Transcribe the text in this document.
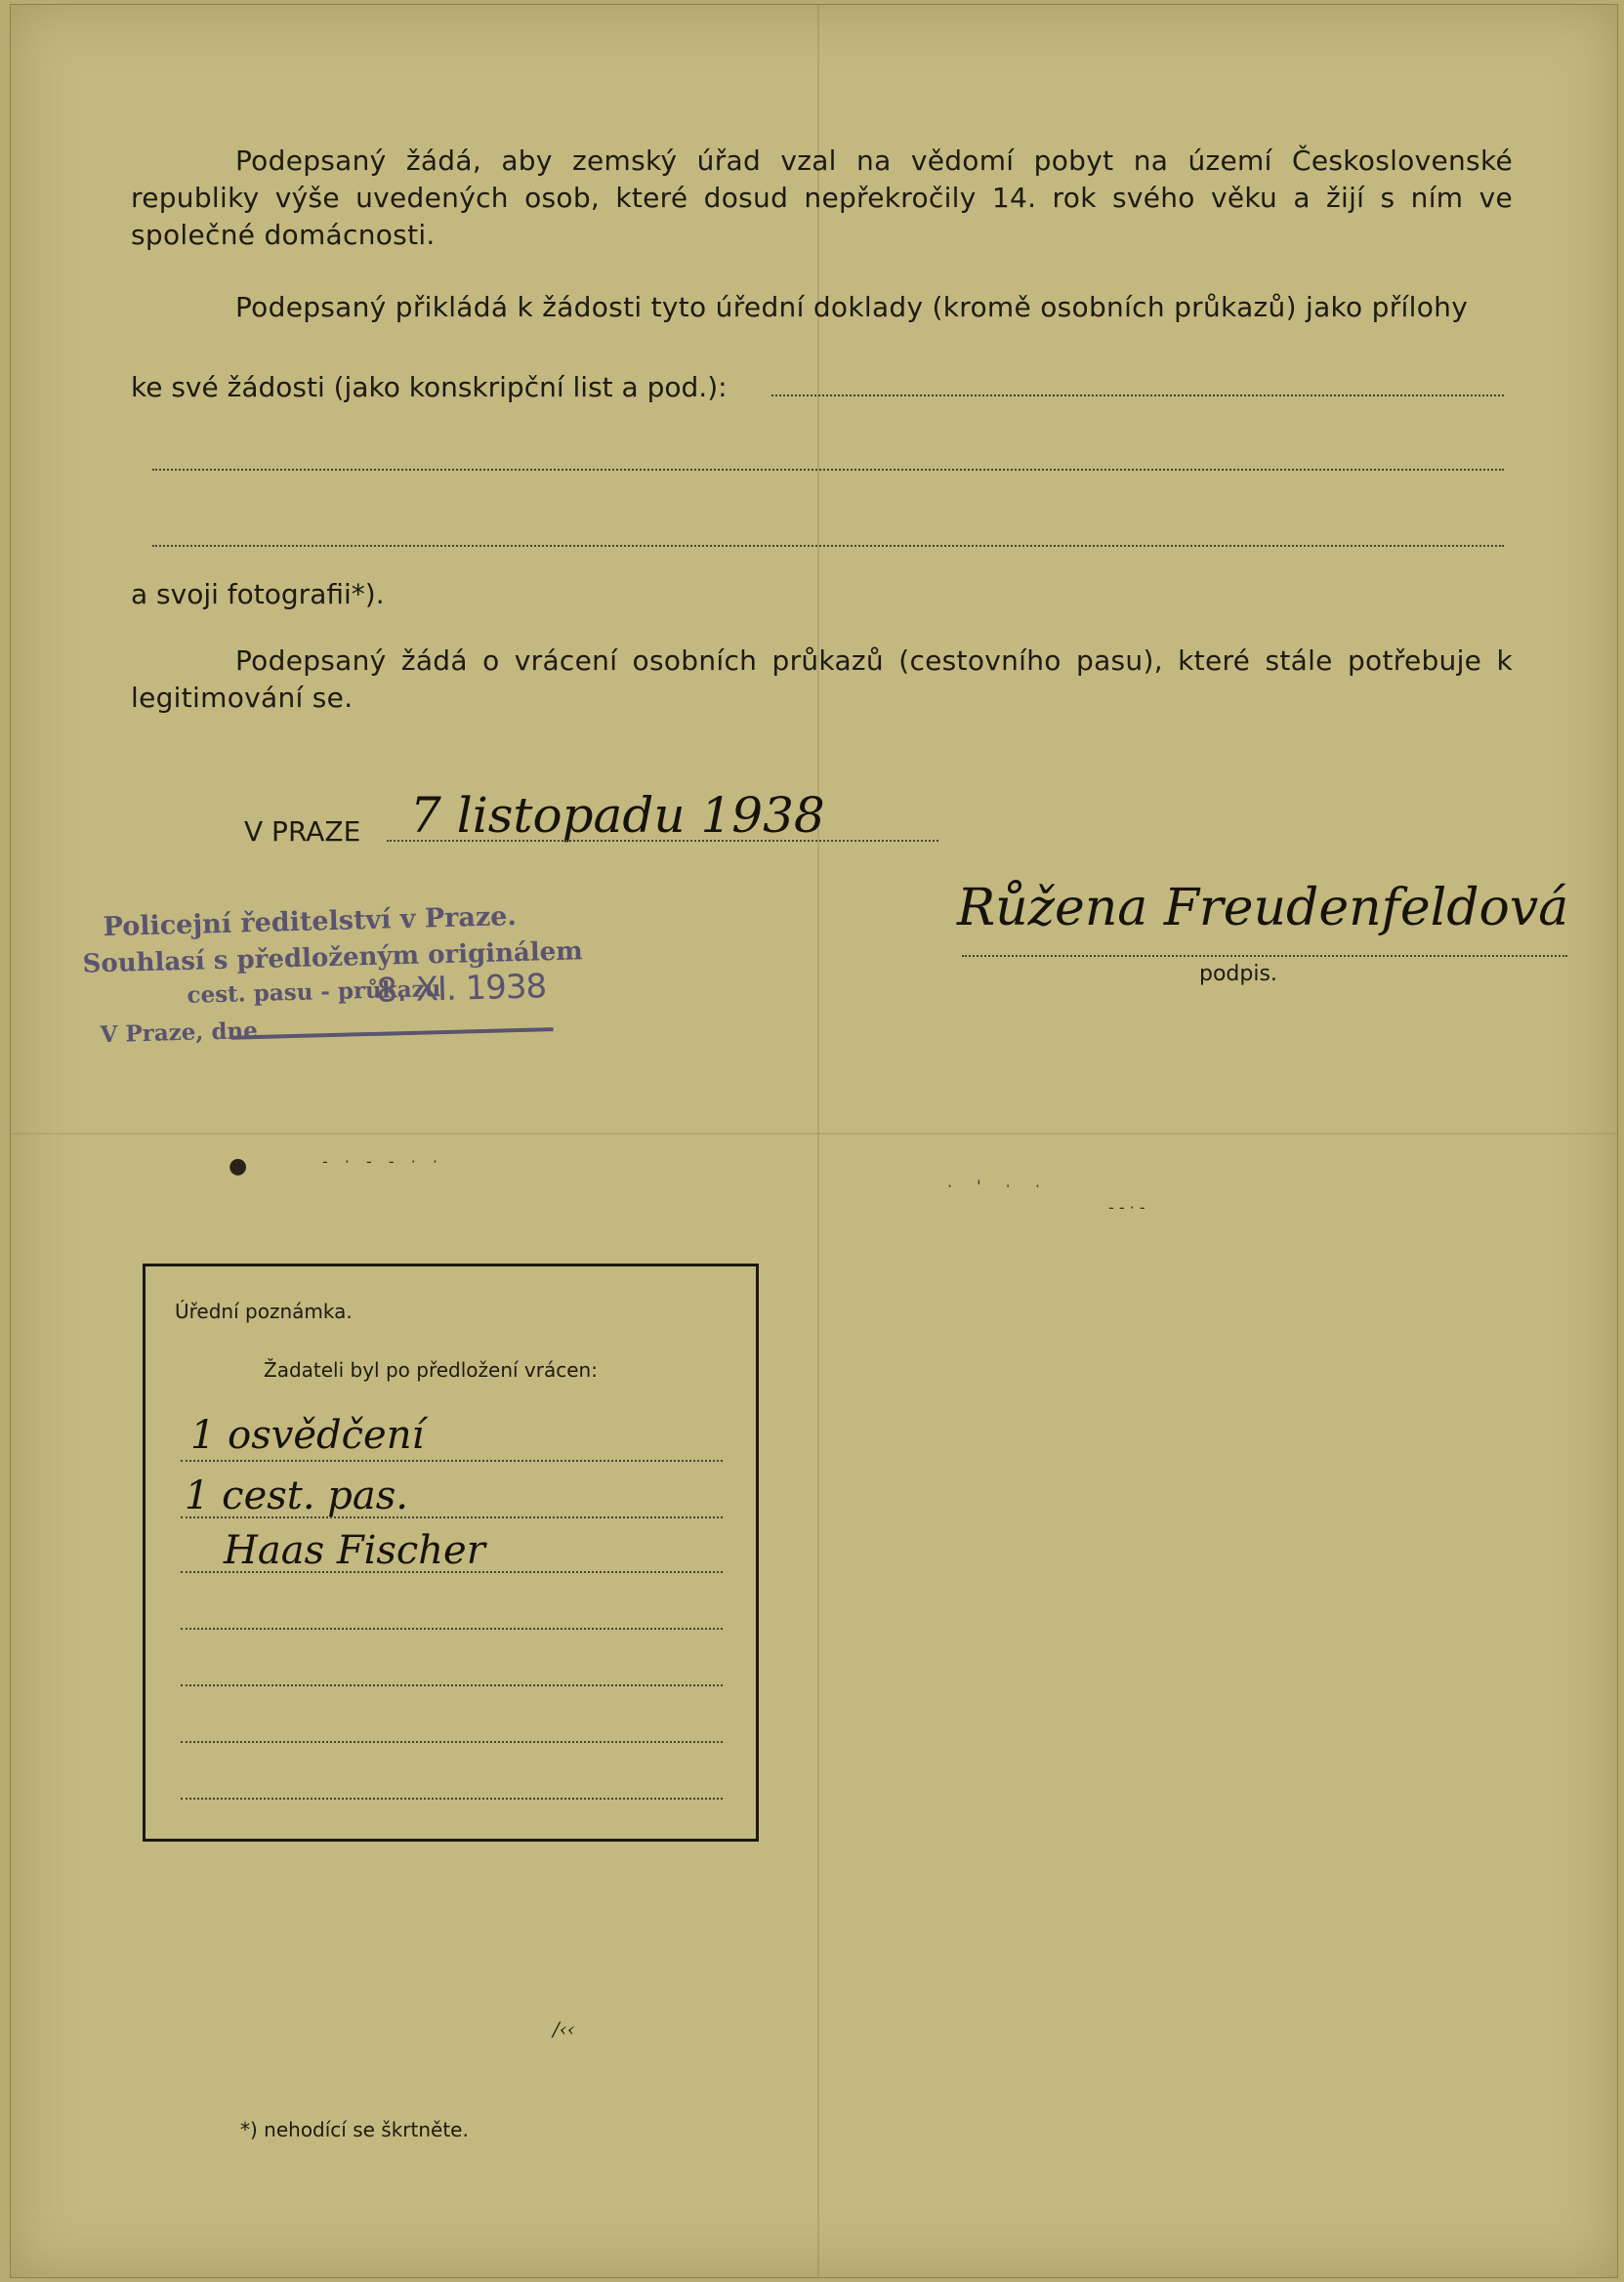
Podepsaný žádá, aby zemský úřad vzal na vědomí pobyt na území Československé republiky výše uvedených osob, které dosud nepřekročily 14. rok svého věku a žijí s ním ve společné domácnosti.
Podepsaný přikládá k žádosti tyto úřední doklady (kromě osobních průkazů) jako přílohy
ke své žádosti (jako konskripční list a pod.):
a svoji fotografii*).
Podepsaný žádá o vrácení osobních průkazů (cestovního pasu), které stále potřebuje k legitimování se.
V PRAZE 7 listopadu 1938
Růžena Freudenfeldová
podpis.
Policejní ředitelství v Praze.
Souhlasí s předloženým originálem
cest. pasu - průkazu
8. XI. 1938
V Praze, dne
●	- · - - · ·
· ' · ·
- - · -
Úřední poznámka.
Žadateli byl po předložení vrácen:
1 osvědčení
1 cest. pas.
Haas Fischer
/‹‹
*) nehodící se škrtněte.
